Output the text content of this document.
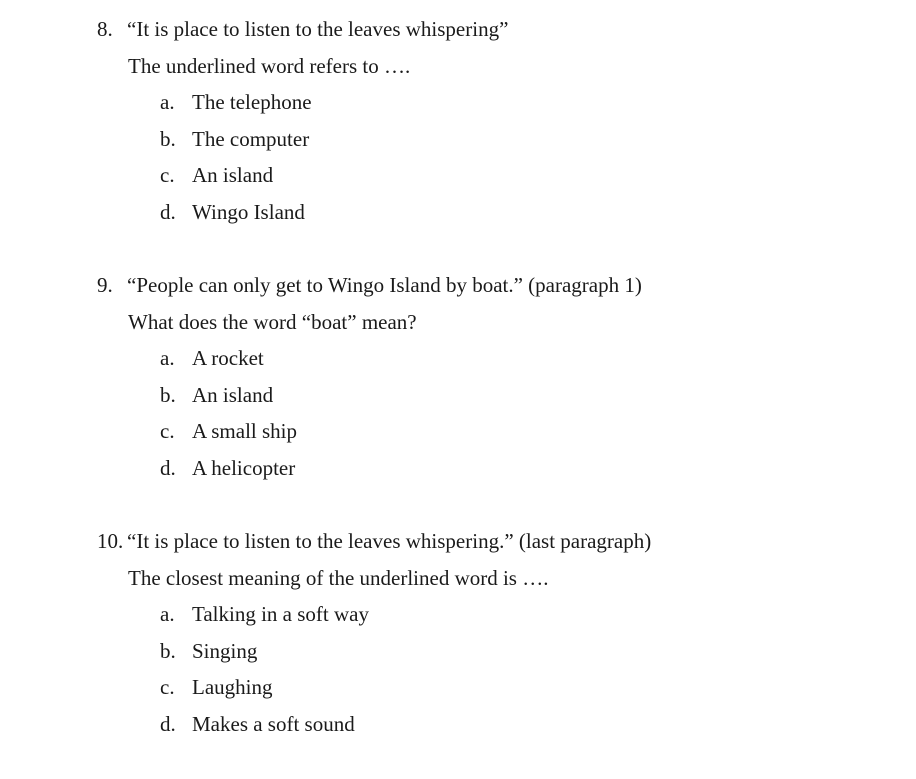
8. “It is place to listen to the leaves whispering”
The underlined word refers to ….
a. The telephone
b. The computer
c. An island
d. Wingo Island
9. “People can only get to Wingo Island by boat.” (paragraph 1)
What does the word “boat” mean?
a. A rocket
b. An island
c. A small ship
d. A helicopter
10. “It is place to listen to the leaves whispering.” (last paragraph)
The closest meaning of the underlined word is ….
a. Talking in a soft way
b. Singing
c. Laughing
d. Makes a soft sound
